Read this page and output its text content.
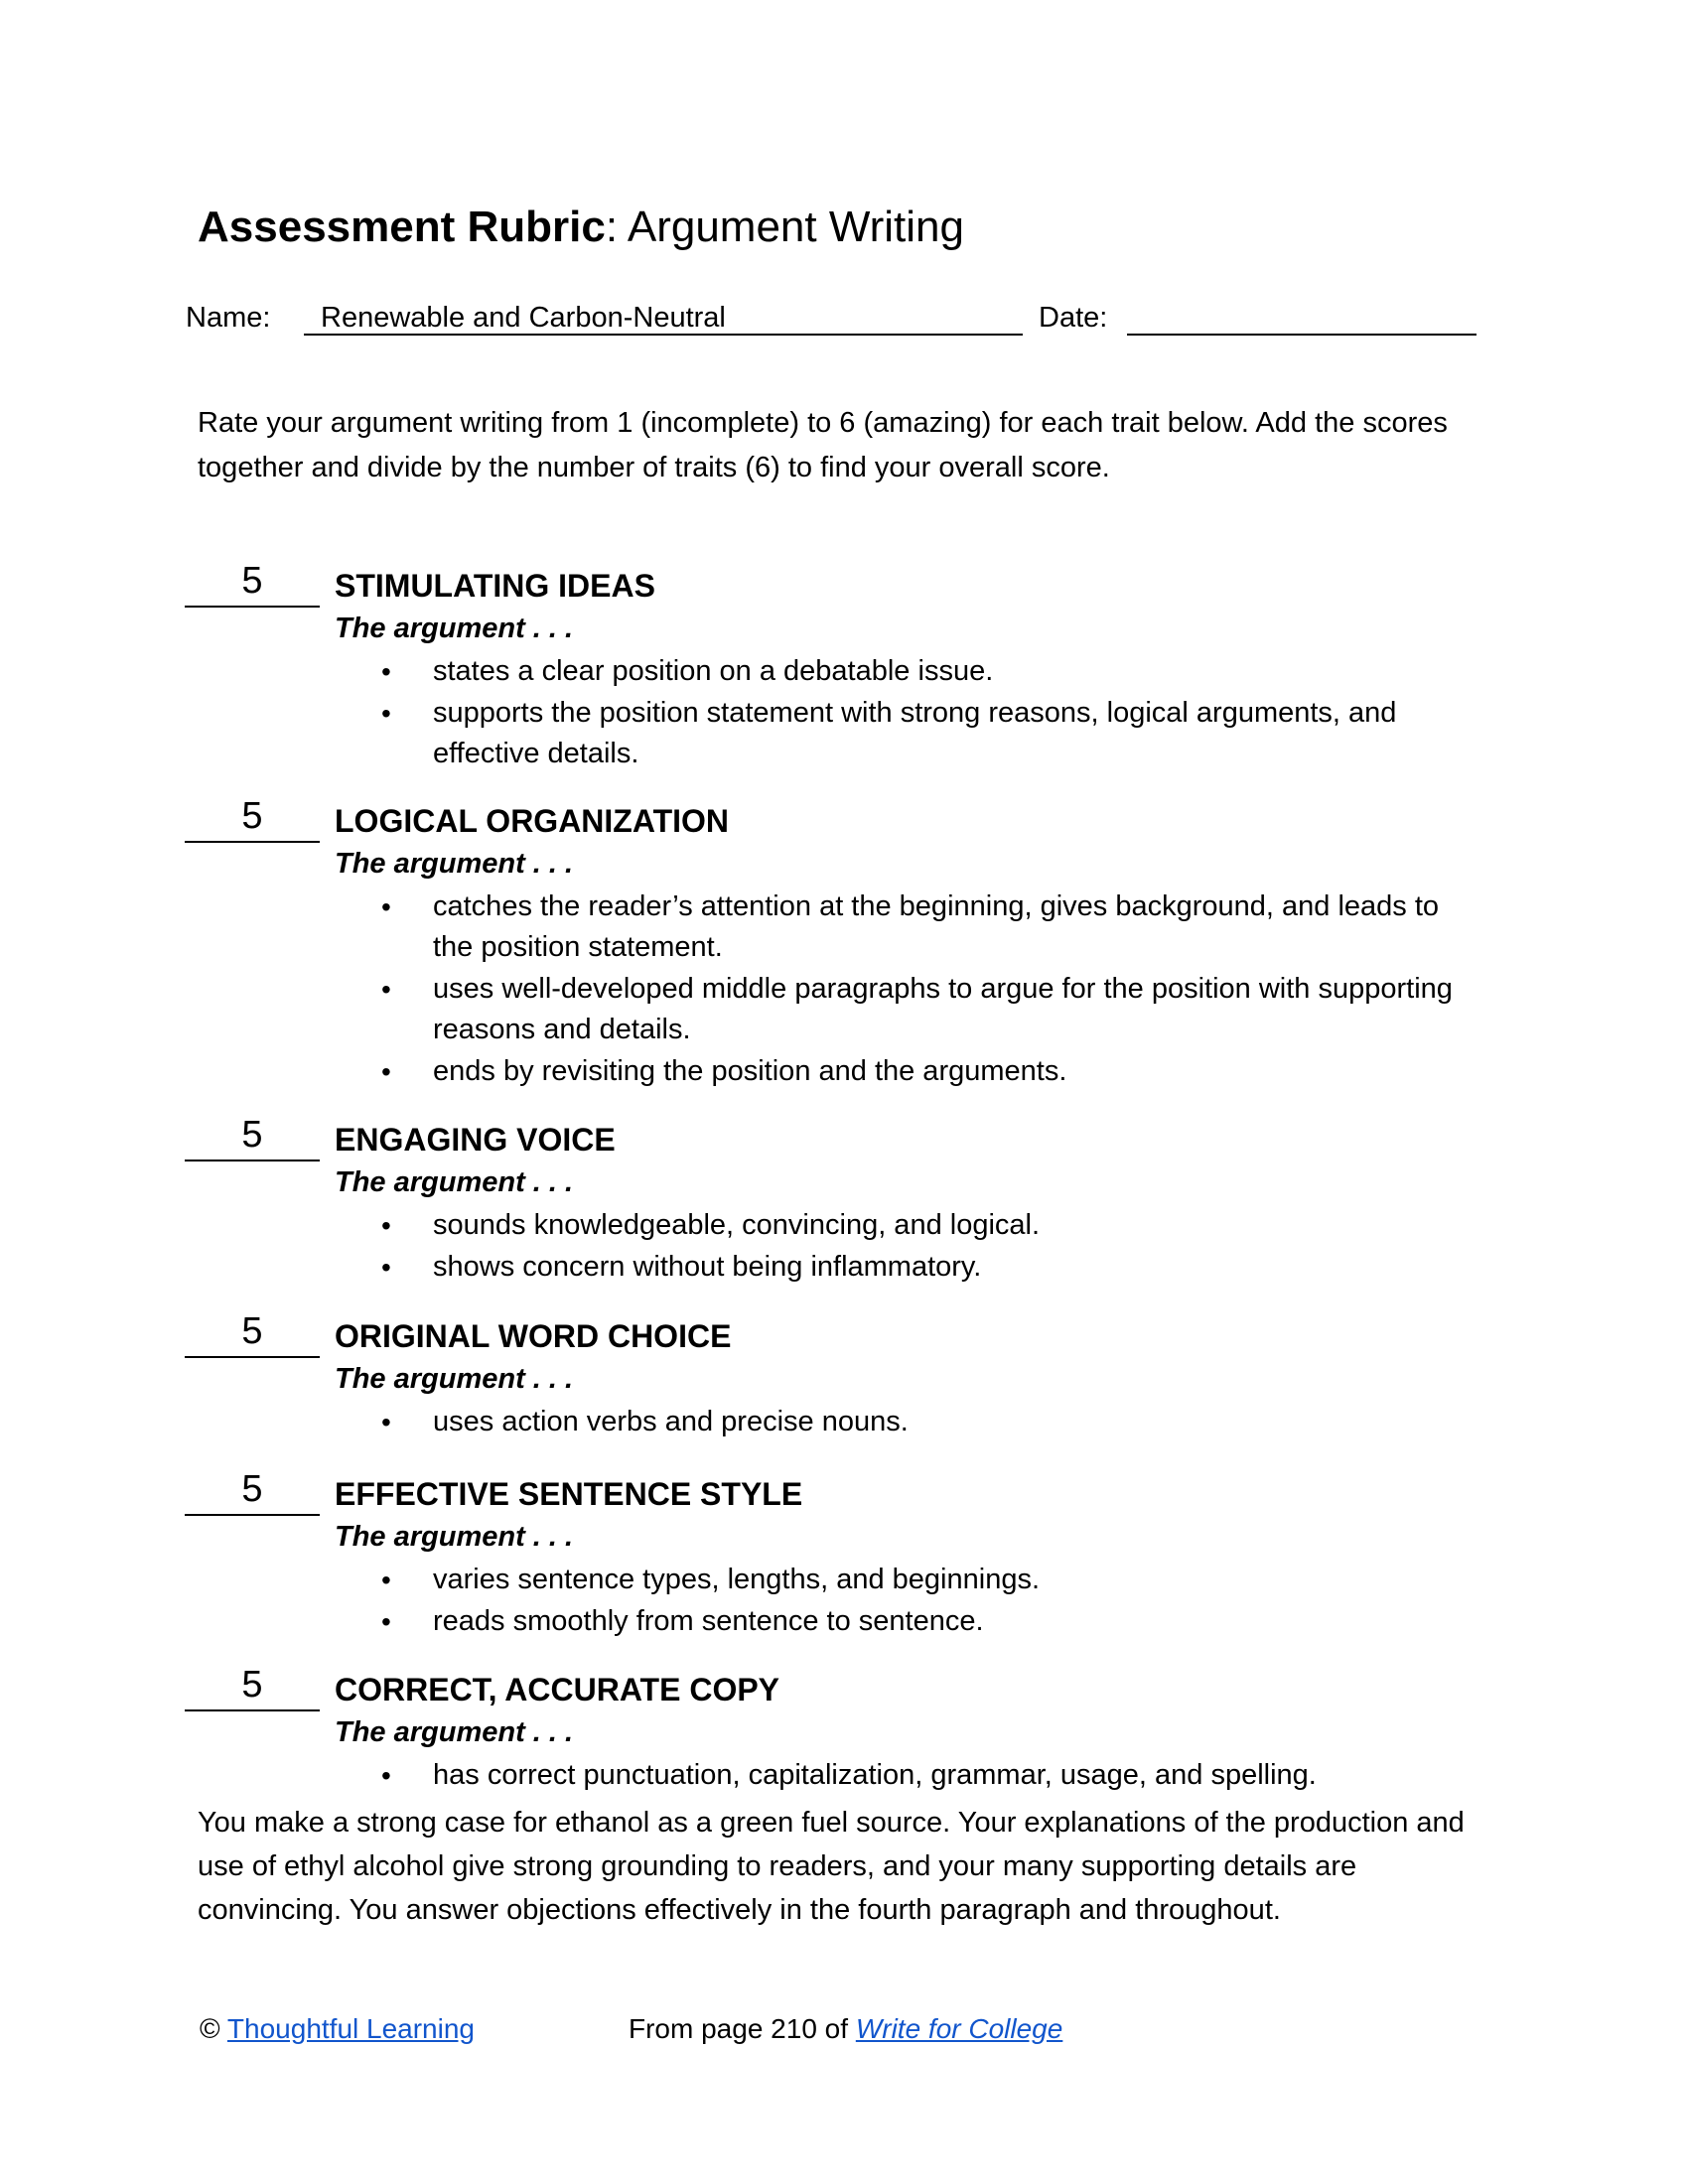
Assessment Rubric: Argument Writing
Name:	Renewable and Carbon-Neutral	Date:

Rate your argument writing from 1 (incomplete) to 6 (amazing) for each trait below. Add the scores together and divide by the number of traits (6) to find your overall score.

5	STIMULATING IDEAS
The argument . . .
• states a clear position on a debatable issue.
• supports the position statement with strong reasons, logical arguments, and effective details.
5	LOGICAL ORGANIZATION
The argument . . .
• catches the reader’s attention at the beginning, gives background, and leads to the position statement.
• uses well-developed middle paragraphs to argue for the position with supporting reasons and details.
• ends by revisiting the position and the arguments.
5	ENGAGING VOICE
The argument . . .
• sounds knowledgeable, convincing, and logical.
• shows concern without being inflammatory.
5	ORIGINAL WORD CHOICE
The argument . . .
• uses action verbs and precise nouns.
5	EFFECTIVE SENTENCE STYLE
The argument . . .
• varies sentence types, lengths, and beginnings.
• reads smoothly from sentence to sentence.
5	CORRECT, ACCURATE COPY
The argument . . .
• has correct punctuation, capitalization, grammar, usage, and spelling.

You make a strong case for ethanol as a green fuel source. Your explanations of the production and use of ethyl alcohol give strong grounding to readers, and your many supporting details are convincing. You answer objections effectively in the fourth paragraph and throughout.

© Thoughtful Learning	From page 210 of Write for College
